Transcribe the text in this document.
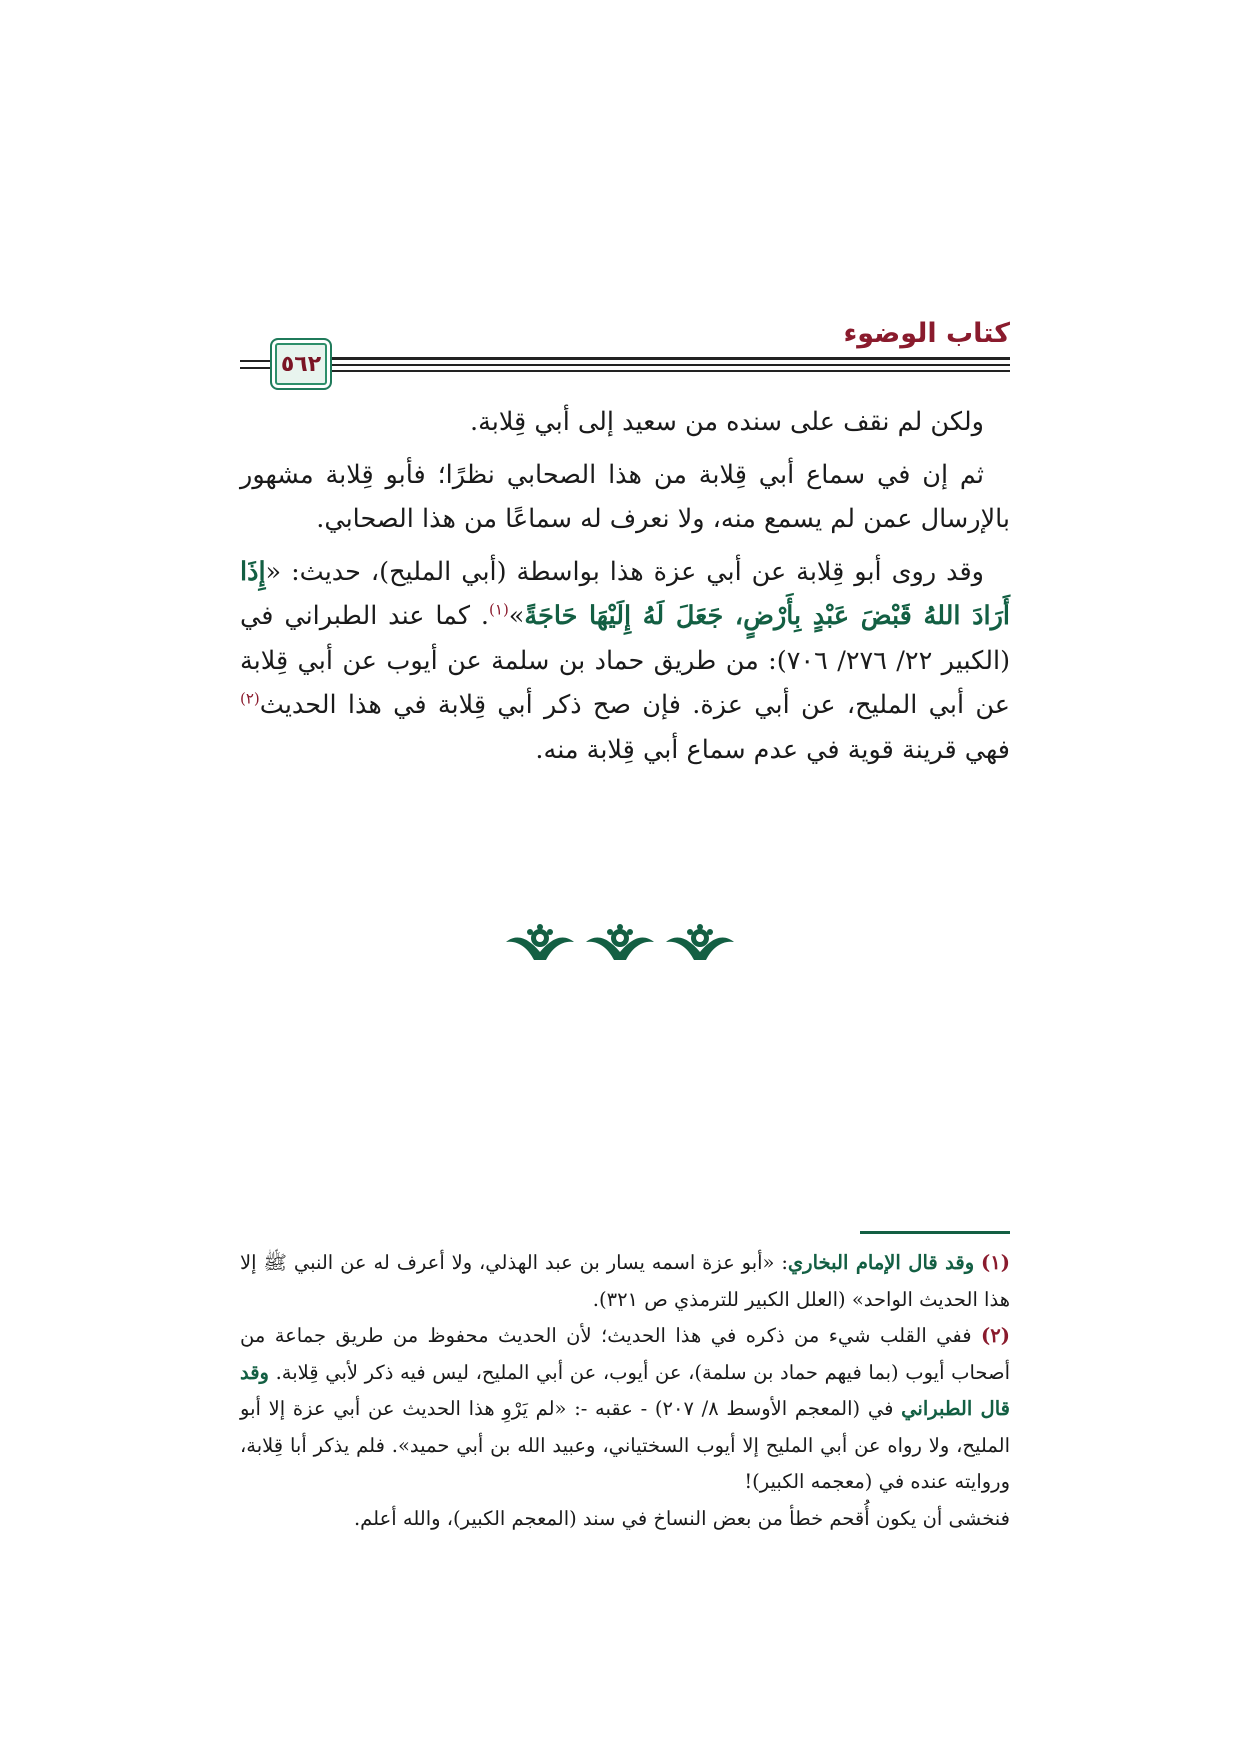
كتاب الوضوء
٥٦٢

ولكن لم نقف على سنده من سعيد إلى أبي قِلابة.

ثم إن في سماع أبي قِلابة من هذا الصحابي نظرًا؛ فأبو قِلابة مشهور بالإرسال عمن لم يسمع منه، ولا نعرف له سماعًا من هذا الصحابي.

وقد روى أبو قِلابة عن أبي عزة هذا بواسطة (أبي المليح)، حديث: «إِذَا أَرَادَ اللهُ قَبْضَ عَبْدٍ بِأَرْضٍ، جَعَلَ لَهُ إِلَيْهَا حَاجَةً»$^{(١)}$. كما عند الطبراني في (الكبير ٢٢/ ٢٧٦/ ٧٠٦): من طريق حماد بن سلمة عن أيوب عن أبي قِلابة عن أبي المليح، عن أبي عزة. فإن صح ذكر أبي قِلابة في هذا الحديث$^{(٢)}$ فهي قرينة قوية في عدم سماع أبي قِلابة منه.

(١) وقد قال الإمام البخاري: «أبو عزة اسمه يسار بن عبد الهذلي، ولا أعرف له عن النبي ﷺ إلا هذا الحديث الواحد» (العلل الكبير للترمذي ص ٣٢١).

(٢) ففي القلب شيء من ذكره في هذا الحديث؛ لأن الحديث محفوظ من طريق جماعة من أصحاب أيوب (بما فيهم حماد بن سلمة)، عن أيوب، عن أبي المليح، ليس فيه ذكر لأبي قِلابة. وقد قال الطبراني في (المعجم الأوسط ٨/ ٢٠٧) - عقبه -: «لم يَرْوِ هذا الحديث عن أبي عزة إلا أبو المليح، ولا رواه عن أبي المليح إلا أيوب السختياني، وعبيد الله بن أبي حميد». فلم يذكر أبا قِلابة، وروايته عنده في (معجمه الكبير)!

فنخشى أن يكون أُقحم خطأ من بعض النساخ في سند (المعجم الكبير)، والله أعلم.
